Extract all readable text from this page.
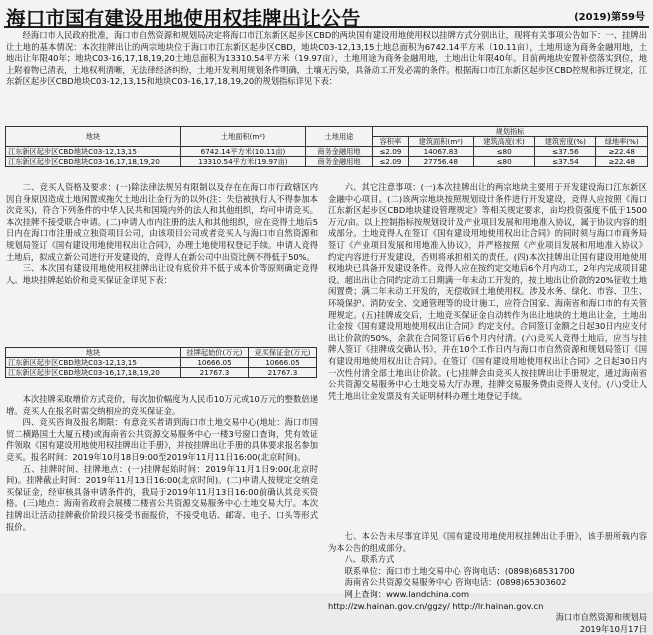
海口市国有建设用地使用权挂牌出让公告	(2019)第59号

经海口市人民政府批准，海口市自然资源和规划局决定将海口市江东新区起步区CBD的两块国有建设用地使用权以挂牌方式分别出让，现将有关事项公告如下：一、挂牌出让土地的基本情况：本次挂牌出让的两宗地块位于海口市江东新区起步区CBD，地块C03-12,13,15土地总面积为6742.14平方米（10.11亩），土地用途为商务金融用地，土地出让年限40年；地块C03-16,17,18,19,20土地总面积为13310.54平方米（19.97亩），土地用途为商务金融用地，土地出让年限40年。目前两地块安置补偿落实到位，地上附着物已清表，土地权利清晰，无法律经济纠纷，土地开发利用规划条件明确，土壤无污染，具备动工开发必需的条件。根据海口市江东新区起步区CBD控规和拆迁规定，江东新区起步区CBD地块C03-12,13,15和地块C03-16,17,18,19,20的规划指标详见下表：

地块	土地面积(m²)	土地用途	规划指标				
			容积率	建筑面积(m²)	建筑高度(米)	建筑密度(%)	绿地率(%)
江东新区起步区CBD地块C03-12,13,15	6742.14平方米(10.11亩)	商务金融用地	≤2.09	14067.83	≤80	≤37.56	≥22.48
江东新区起步区CBD地块C03-16,17,18,19,20	13310.54平方米(19.97亩)	商务金融用地	≤2.09	27756.48	≤80	≤37.54	≥22.48
二、竞买人资格及要求：(一)除法律法规另有限制以及存在在海口市行政辖区内因自身原因造成土地闲置或拖欠土地出让金行为的以外(注：失信被执行人不得参加本次竞买)，符合下列条件的中华人民共和国境内外的法人和其他组织，均可申请竞买。本次挂牌不接受联合申请。(二)申请人市内注册的法人和其他组织，应在竞得土地后5日内在海口市注册成立独资项目公司，由该项目公司或者竞买人与海口市自然资源和规划局签订《国有建设用地使用权出让合同》，办理土地使用权登记手续。申请人竞得土地后，拟成立新公司进行开发建设的，竞得人在新公司中出资比例不得低于50%。
三、本次国有建设用地使用权挂牌出让设有底价并不低于成本价等原则确定竞得人。地块挂牌起始价和竞买保证金详见下表：
地块	挂牌起始价(万元)	竞买保证金(万元)
江东新区起步区CBD地块C03-12,13,15	10666.05	10666.05
江东新区起步区CBD地块C03-16,17,18,19,20	21767.3	21767.3
本次挂牌采取增价方式竞价，每次加价幅度为人民币10万元或10万元的整数倍递增。竞买人在报名时需交纳相应的竞买保证金。
四、竞买咨询及报名期限：有意竞买者请到海口市土地交易中心(地址：海口市国贸二横路国土大厦五楼)或海南省公共资源交易服务中心一楼3号窗口查询，凭有效证件领取《国有建设用地使用权挂牌出让手册》，并按挂牌出让手册的具体要求报名参加竞买。报名时间：2019年10月18日9:00至2019年11月11日16:00(北京时间)。
五、挂牌时间、挂牌地点：(一)挂牌起始时间：2019年11月1日9:00(北京时间)。挂牌截止时间：2019年11月13日16:00(北京时间)。(二)申请人按规定交纳竞买保证金，经审核具备申请条件的，我局于2019年11月13日16:00前确认其竞买资格。(三)地点：海南省政府会展楼二楼省公共资源交易服务中心土地交易大厅。本次挂牌出让活动挂牌截价阶段只接受书面报价，不接受电话、邮寄、电子、口头等形式报价。
六、其它注意事项：(一)本次挂牌出让的两宗地块主要用于开发建设海口江东新区金融中心项目。(二)该两宗地块按照规划设计条件进行开发建设，竞得人应按照《海口江东新区起步区CBD地块建设管理规定》等相关规定要求，亩均投资强度不低于1500万元/亩。以上控制指标按规划设计及产业项目发展和用地准入协议，属于协议内容的组成部分。土地竞得人在签订《国有建设用地使用权出让合同》的同时须与海口市商务局签订《产业项目发展和用地准入协议》，并严格按照《产业项目发展和用地准入协议》约定内容进行开发建设，否则将承担相关的责任。(四)本次挂牌出让国有建设用地使用权地块已具备开发建设条件。竞得人应在按约定交地后6个月内动工，2年内完成项目建设。超出出让合同约定动工日期满一年未动工开发的，按土地出让价款的20%征收土地闲置费；满二年未动工开发的，无偿收回土地使用权。涉及水务、绿化、市容、卫生、环境保护、消防安全、交通管理等的设计施工，应符合国家、海南省和海口市的有关管理规定。(五)挂牌成交后，土地竞买保证金自动转作为出让地块的土地出让金，土地出让金按《国有建设用地使用权出让合同》约定支付。合同签订金额之日起30日内应支付出让价款的50%，余款在合同签订后6个月内付清。(六)竞买人竞得土地后，应当与挂牌人签订《挂牌成交确认书》，并在10个工作日内与海口市自然资源和规划局签订《国有建设用地使用权出让合同》。在签订《国有建设用地使用权出让合同》之日起30日内一次性付清全部土地出让价款。(七)挂牌会由竞买人按挂牌出让手册规定，通过海南省公共资源交易服务中心土地交易大厅办理，挂牌交易服务费由竞得人支付。(八)受让人凭土地出让金发票及有关证明材料办理土地登记手续。
七、本公告未尽事宜详见《国有建设用地使用权挂牌出让手册》，该手册所载内容为本公告的组成部分。
八、联系方式
联系单位：海口市土地交易中心 咨询电话：(0898)68531700
海南省公共资源交易服务中心 咨询电话：(0898)65303602
网上查询：www.landchina.com
http://zw.hainan.gov.cn/ggzy/ http://lr.hainan.gov.cn
海口市自然资源和规划局
2019年10月17日
